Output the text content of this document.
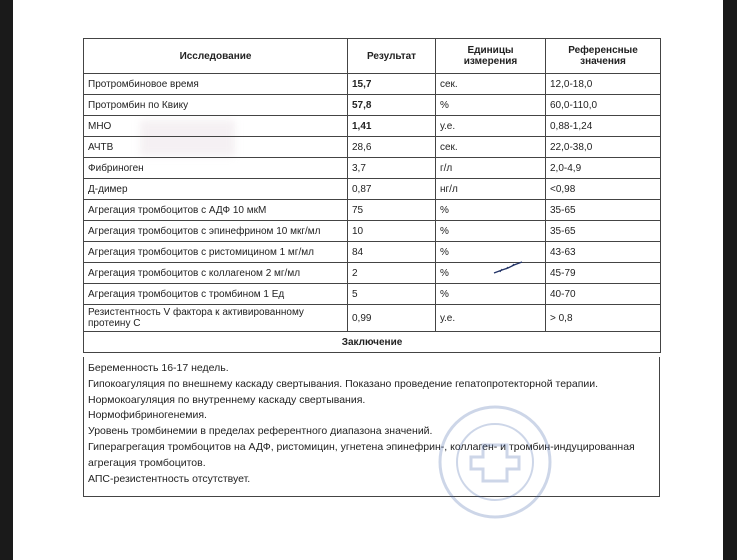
Исследование	Результат	Единицы измерения	Референсные значения
Протромбиновое время	15,7	сек.	12,0-18,0
Протромбин по Квику	57,8	%	60,0-110,0
МНО	1,41	у.е.	0,88-1,24
АЧТВ	28,6	сек.	22,0-38,0
Фибриноген	3,7	г/л	2,0-4,9
Д-димер	0,87	нг/л	<0,98
Агрегация тромбоцитов с АДФ 10 мкМ	75	%	35-65
Агрегация тромбоцитов с эпинефрином 10 мкг/мл	10	%	35-65
Агрегация тромбоцитов с ристомицином 1 мг/мл	84	%	43-63
Агрегация тромбоцитов с коллагеном 2 мг/мл	2	%	45-79
Агрегация тромбоцитов с тромбином 1 Ед	5	%	40-70
Резистентность V фактора к активированному протеину С	0,99	у.е.	> 0,8
Заключение			
Беременность 16-17 недель.
Гипокоагуляция по внешнему каскаду свертывания. Показано проведение гепатопротекторной терапии.
Нормокоагуляция по внутреннему каскаду свертывания.
Нормофибриногенемия.
Уровень тромбинемии в пределах референтного диапазона значений.
Гиперагрегация тромбоцитов на АДФ, ристомицин, угнетена эпинефрин-, коллаген- и тромбин-индуцированная агрегация тромбоцитов.
АПС-резистентность отсутствует.
